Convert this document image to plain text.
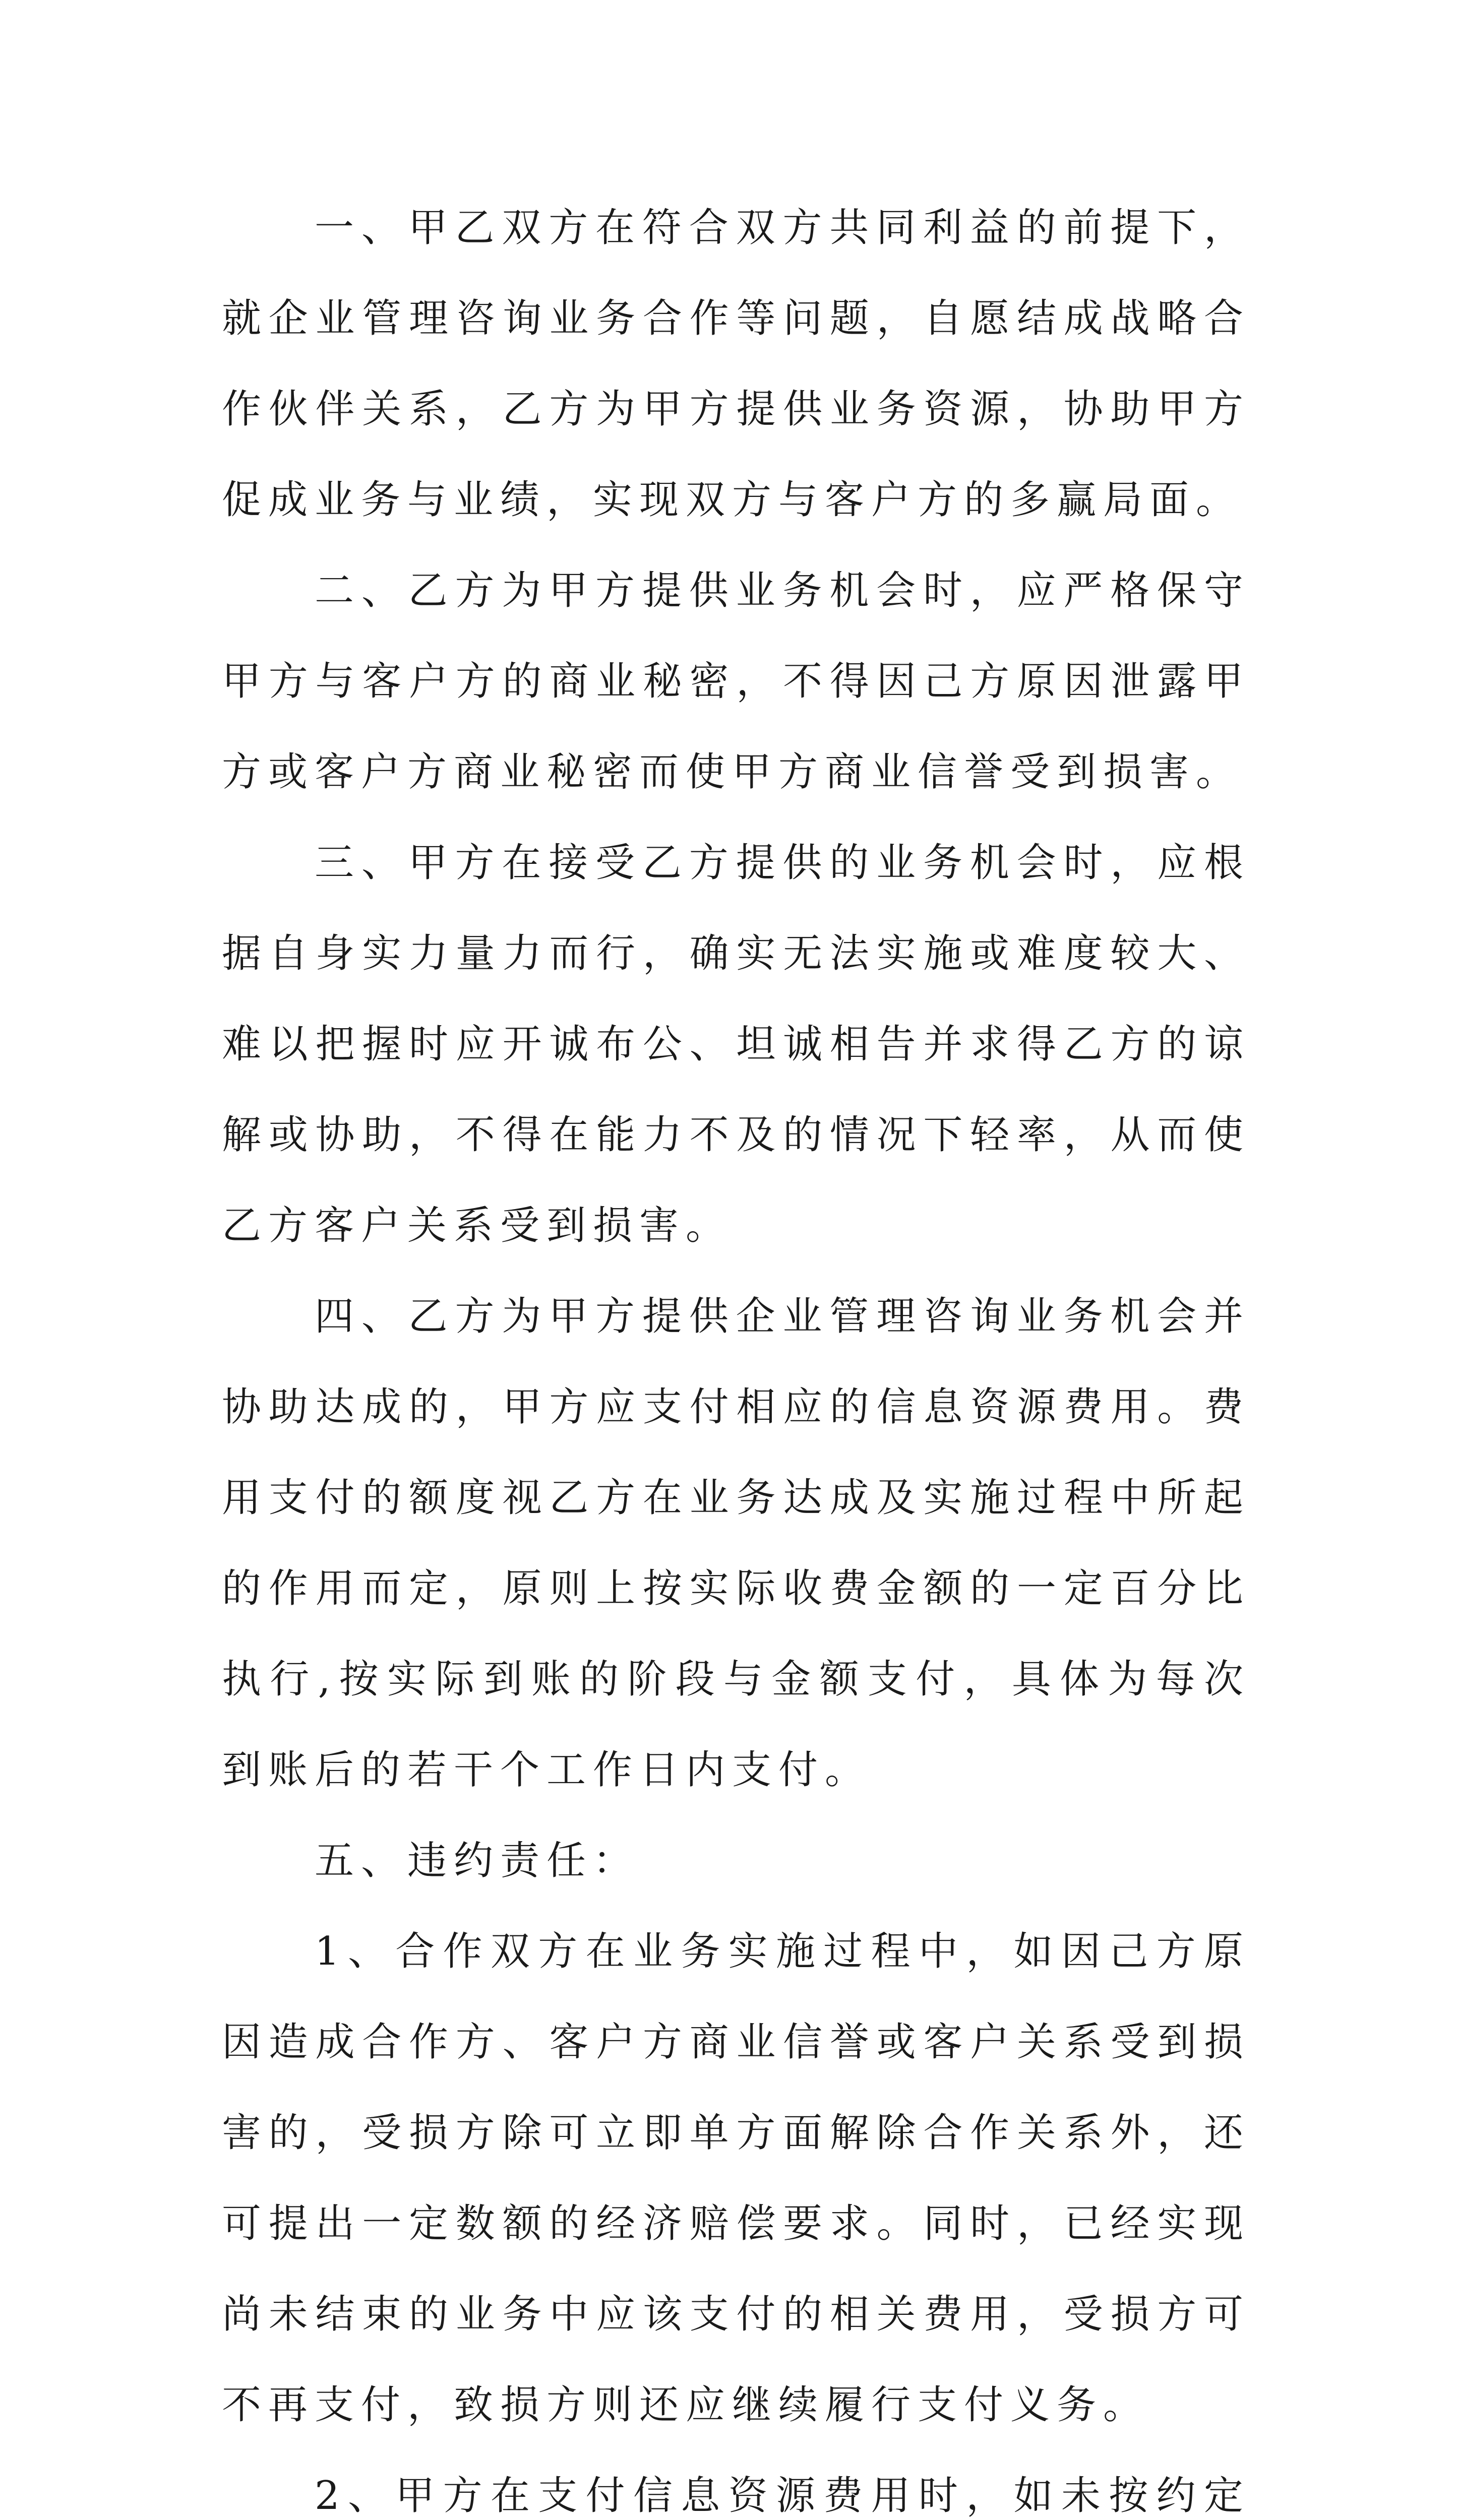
一、甲乙双方在符合双方共同利益的前提下，就企业管理咨询业务合作等问题，自愿结成战略合作伙伴关系，乙方为甲方提供业务资源，协助甲方促成业务与业绩，实现双方与客户方的多赢局面。

二、乙方为甲方提供业务机会时，应严格保守甲方与客户方的商业秘密，不得因己方原因泄露甲方或客户方商业秘密而使甲方商业信誉受到损害。

三、甲方在接受乙方提供的业务机会时，应根据自身实力量力而行，确实无法实施或难度较大、难以把握时应开诚布公、坦诚相告并求得乙方的谅解或协助，不得在能力不及的情况下轻率，从而使乙方客户关系受到损害。

四、乙方为甲方提供企业管理咨询业务机会并协助达成的，甲方应支付相应的信息资源费用。费用支付的额度视乙方在业务达成及实施过程中所起的作用而定，原则上按实际收费金额的一定百分比执行,按实际到账的阶段与金额支付，具体为每次到账后的若干个工作日内支付。

五、违约责任：

1、合作双方在业务实施过程中，如因己方原因造成合作方、客户方商业信誉或客户关系受到损害的，受损方除可立即单方面解除合作关系外，还可提出一定数额的经济赔偿要求。同时，已经实现尚未结束的业务中应该支付的相关费用，受损方可不再支付，致损方则还应继续履行支付义务。

2、甲方在支付信息资源费用时，如未按约定
